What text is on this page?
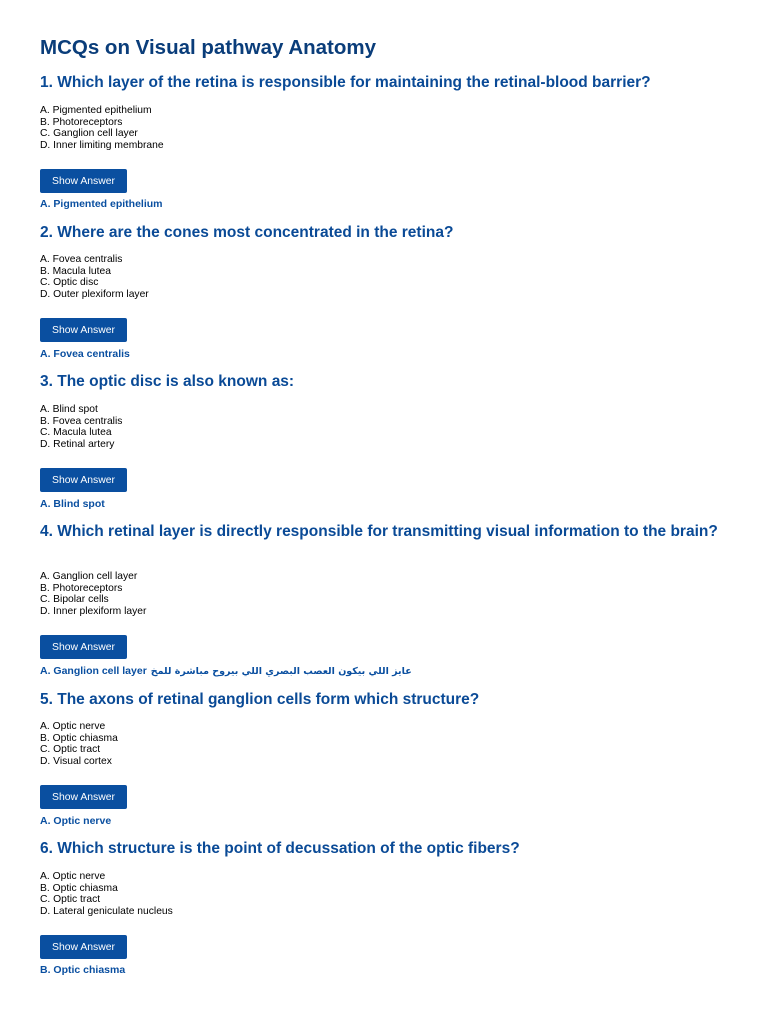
MCQs on Visual pathway Anatomy

1. Which layer of the retina is responsible for maintaining the retinal-blood barrier?

A. Pigmented epithelium
B. Photoreceptors
C. Ganglion cell layer
D. Inner limiting membrane
Show Answer
A. Pigmented epithelium

2. Where are the cones most concentrated in the retina?

A. Fovea centralis
B. Macula lutea
C. Optic disc
D. Outer plexiform layer
Show Answer
A. Fovea centralis

3. The optic disc is also known as:

A. Blind spot
B. Fovea centralis
C. Macula lutea
D. Retinal artery
Show Answer
A. Blind spot

4. Which retinal layer is directly responsible for transmitting visual information to the brain?

A. Ganglion cell layer
B. Photoreceptors
C. Bipolar cells
D. Inner plexiform layer
Show Answer
A. Ganglion cell layer عايز اللي بيكون العصب البصري اللي بيروح مباشرة للمخ

5. The axons of retinal ganglion cells form which structure?

A. Optic nerve
B. Optic chiasma
C. Optic tract
D. Visual cortex
Show Answer
A. Optic nerve

6. Which structure is the point of decussation of the optic fibers?

A. Optic nerve
B. Optic chiasma
C. Optic tract
D. Lateral geniculate nucleus
Show Answer
B. Optic chiasma
